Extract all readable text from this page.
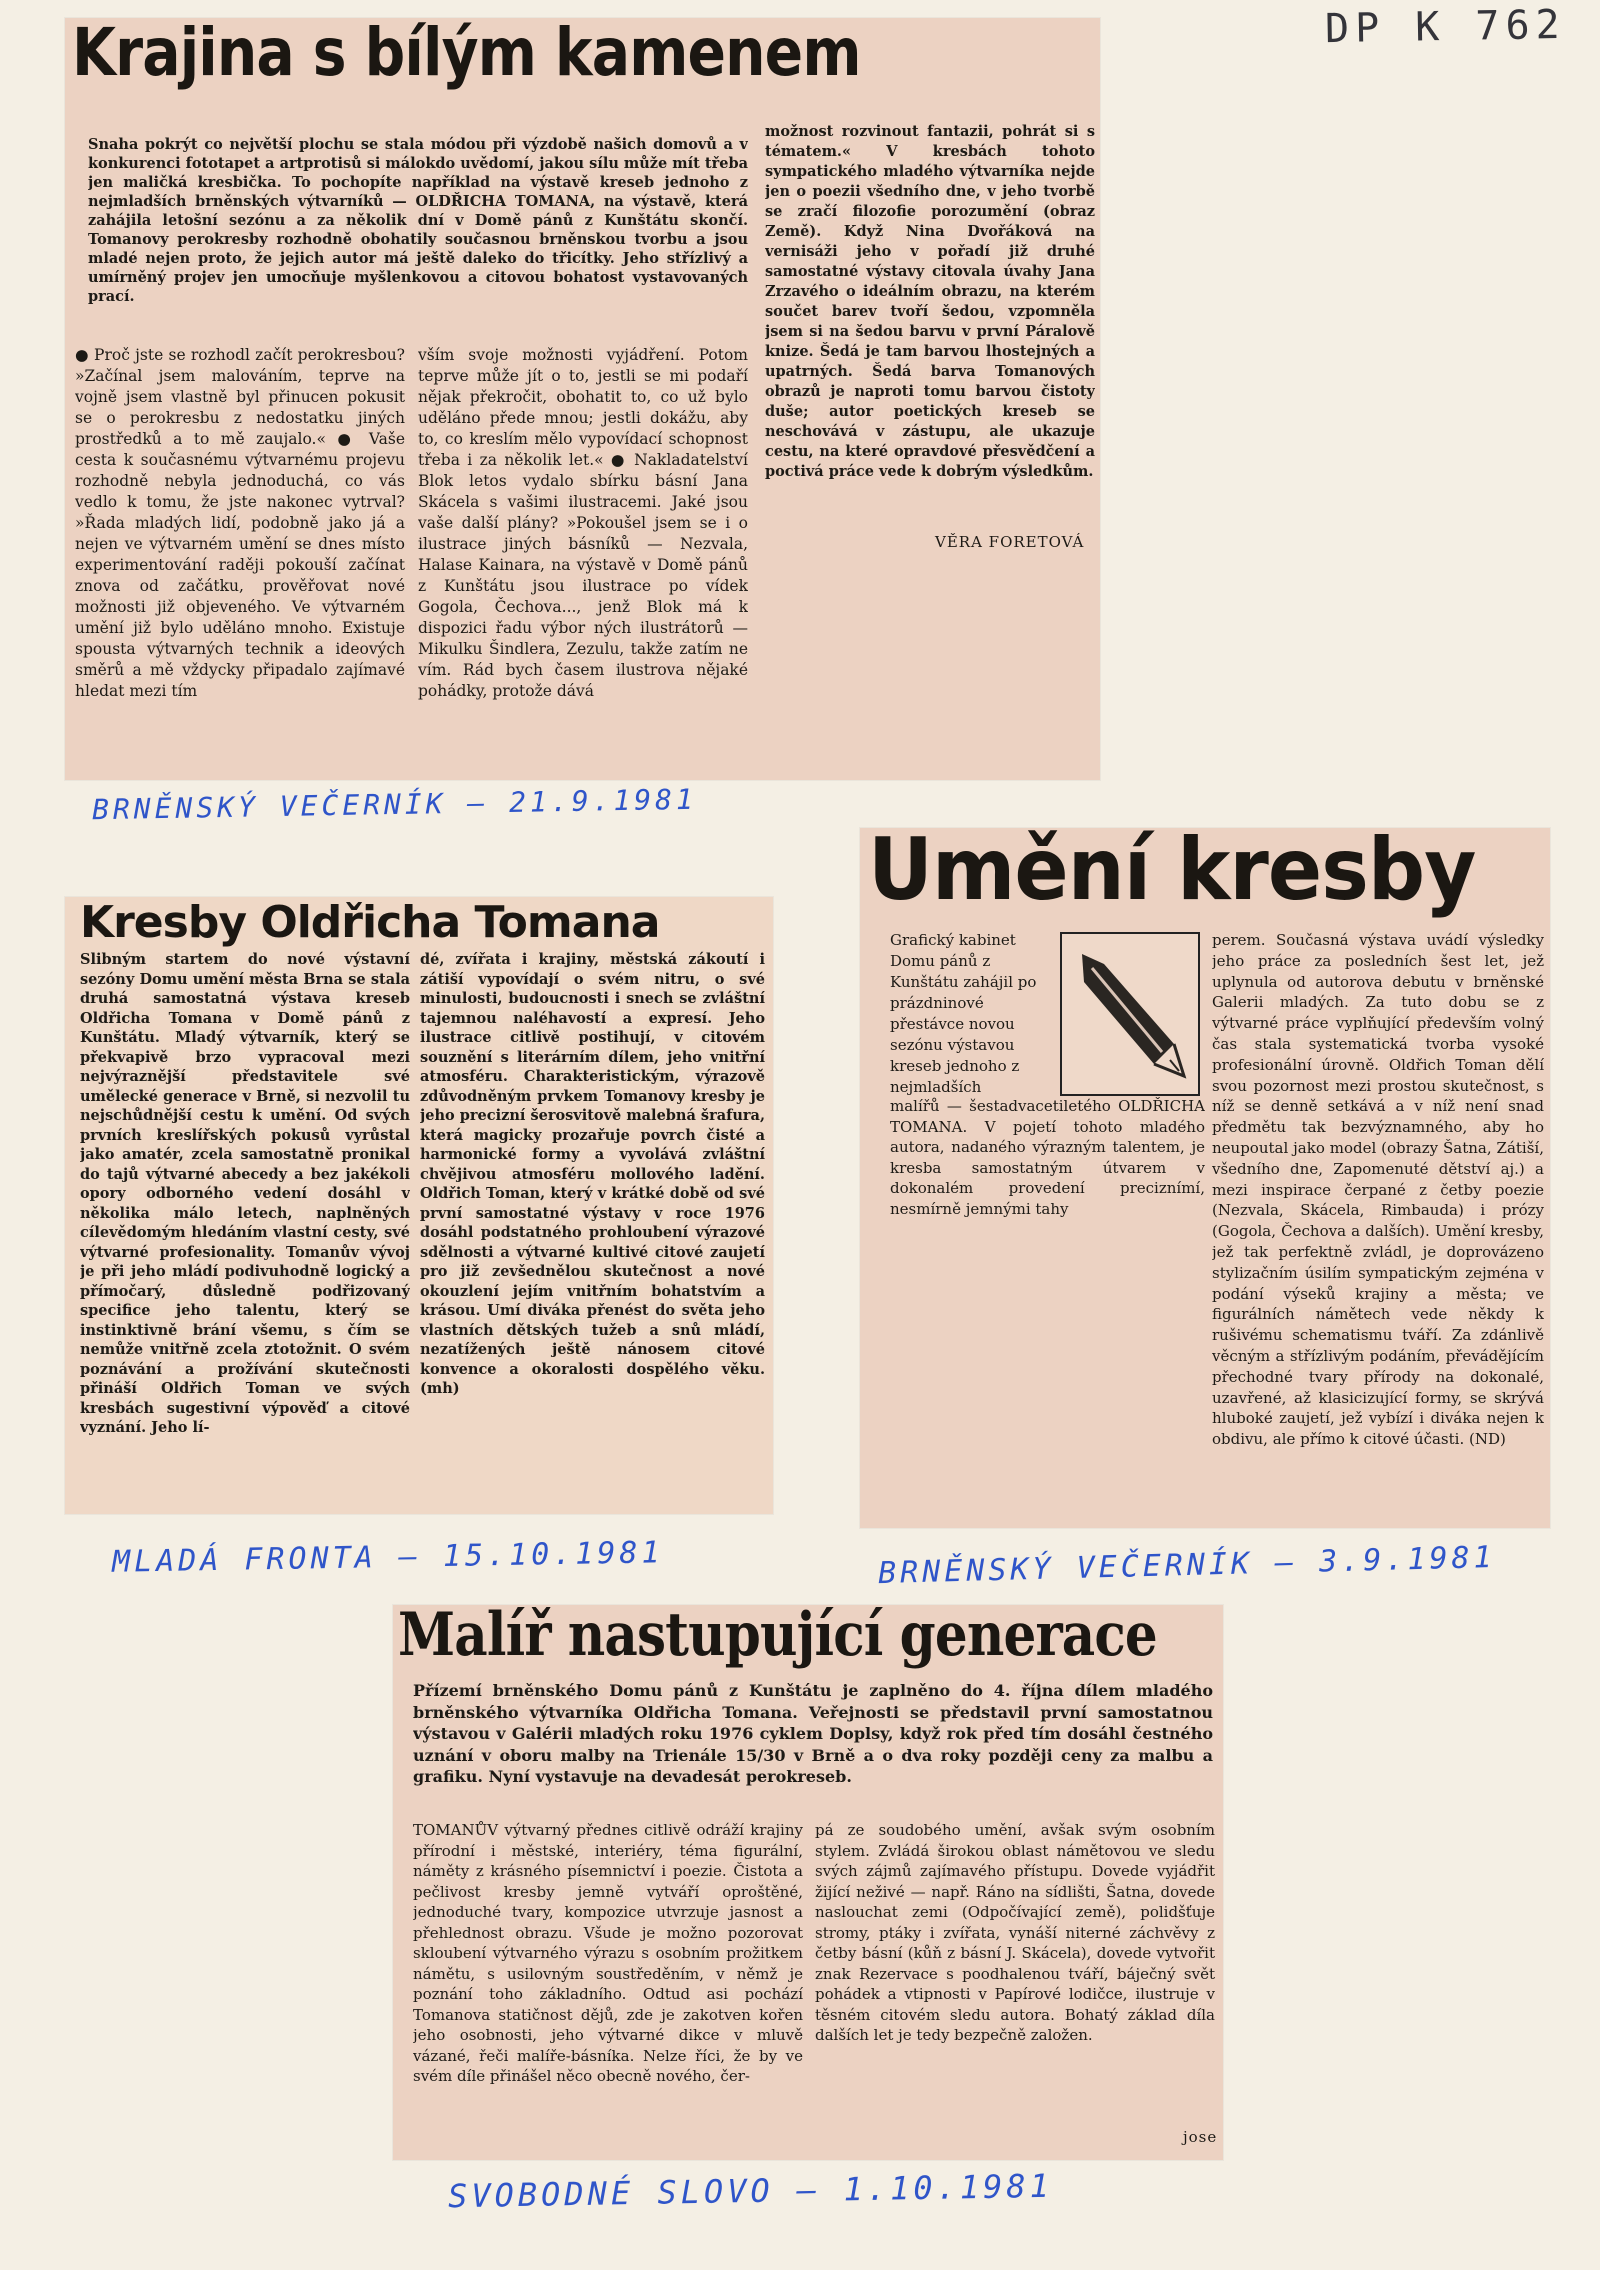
DP K 762
Krajina s bílým kamenem
Snaha pokrýt co největší plochu se stala módou při výzdobě našich domovů a v konkurenci fototapet a artprotisů si málokdo uvědomí, jakou sílu může mít třeba jen maličká kresbička. To pochopíte například na výstavě kreseb jednoho z nejmladších brněnských výtvarníků — OLDŘICHA TOMANA, na výstavě, která zahájila letošní sezónu a za několik dní v Domě pánů z Kunštátu skončí. Tomanovy perokresby rozhodně obohatily současnou brněnskou tvorbu a jsou mladé nejen proto, že jejich autor má ještě daleko do třicítky. Jeho střízlivý a umírněný projev jen umocňuje myšlenkovou a citovou bohatost vystavovaných prací.
možnost rozvinout fantazii, pohrát si s tématem.« V kresbách tohoto sympatického mladého výtvarníka nejde jen o poezii všedního dne, v jeho tvorbě se zračí filozofie porozumění (obraz Země). Když Nina Dvořáková na vernisáži jeho v pořadí již druhé samostatné výstavy citovala úvahy Jana Zrzavého o ideálním obrazu, na kterém součet barev tvoří šedou, vzpomněla jsem si na šedou barvu v první Páralově knize. Šedá je tam barvou lhostejných a upatrných. Šedá barva Tomanových obrazů je naproti tomu barvou čistoty duše; autor poetických kreseb se neschovává v zástupu, ale ukazuje cestu, na které opravdové přesvědčení a poctivá práce vede k dobrým výsledkům.
VĚRA FORETOVÁ
● Proč jste se rozhodl začít perokresbou? »Začínal jsem malováním, teprve na vojně jsem vlastně byl přinucen pokusit se o perokresbu z nedostatku jiných prostředků a to mě zaujalo.« ● Vaše cesta k současnému výtvarnému projevu rozhodně nebyla jednoduchá, co vás vedlo k tomu, že jste nakonec vytrval? »Řada mladých lidí, podobně jako já a nejen ve výtvarném umění se dnes místo experimentování raději pokouší začínat znova od začátku, prověřovat nové možnosti již objeveného. Ve výtvarném umění již bylo uděláno mnoho. Existuje spousta výtvarných technik a ideových směrů a mě vždycky připadalo zajímavé hledat mezi tím
vším svoje možnosti vyjádření. Potom teprve může jít o to, jestli se mi podaří nějak překročit, obohatit to, co už bylo uděláno přede mnou; jestli dokážu, aby to, co kreslím mělo vypovídací schopnost třeba i za několik let.« ● Nakladatelství Blok letos vydalo sbírku básní Jana Skácela s vašimi ilustracemi. Jaké jsou vaše další plány? »Pokoušel jsem se i o ilustrace jiných básníků — Nezvala, Halase Kainara, na výstavě v Domě pánů z Kunštátu jsou ilustrace po vídek Gogola, Čechova..., jenž Blok má k dispozici řadu výbor ných ilustrátorů — Mikulku Šindlera, Zezulu, takže zatím ne vím. Rád bych časem ilustrova nějaké pohádky, protože dává
BRNĚNSKÝ VEČERNÍK – 21.9.1981
Kresby Oldřicha Tomana
Slibným startem do nové výstavní sezóny Domu umění města Brna se stala druhá samostatná výstava kreseb Oldřicha Tomana v Domě pánů z Kunštátu. Mladý výtvarník, který se překvapivě brzo vypracoval mezi nejvýraznější představitele své umělecké generace v Brně, si nezvolil tu nejschůdnější cestu k umění. Od svých prvních kreslířských pokusů vyrůstal jako amatér, zcela samostatně pronikal do tajů výtvarné abecedy a bez jakékoli opory odborného vedení dosáhl v několika málo letech, naplněných cílevědomým hledáním vlastní cesty, své výtvarné profesionality. Tomanův vývoj je při jeho mládí podivuhodně logický a přímočarý, důsledně podřizovaný specifice jeho talentu, který se instinktivně brání všemu, s čím se nemůže vnitřně zcela ztotožnit. O svém poznávání a prožívání skutečnosti přináší Oldřich Toman ve svých kresbách sugestivní výpověď a citové vyznání. Jeho lí-
dé, zvířata i krajiny, městská zákoutí i zátiší vypovídají o svém nitru, o své minulosti, budoucnosti i snech se zvláštní tajemnou naléhavostí a expresí. Jeho ilustrace citlivě postihují, v citovém souznění s literárním dílem, jeho vnitřní atmosféru. Charakteristickým, výrazově zdůvodněným prvkem Tomanovy kresby je jeho precizní šerosvitově malebná šrafura, která magicky prozařuje povrch čisté a harmonické formy a vyvolává zvláštní chvějivou atmosféru mollového ladění. Oldřich Toman, který v krátké době od své první samostatné výstavy v roce 1976 dosáhl podstatného prohloubení výrazové sdělnosti a výtvarné kultivé citové zaujetí pro již zevšednělou skutečnost a nové okouzlení jejím vnitřním bohatstvím a krásou. Umí diváka přenést do světa jeho vlastních dětských tužeb a snů mládí, nezatížených ještě nánosem citové konvence a okoralosti dospělého věku. (mh)
MLADÁ FRONTA – 15.10.1981
Umění kresby
Grafický kabinet Domu pánů z Kunštátu zahájil po prázdninové přestávce novou sezónu výstavou kreseb jednoho z nejmladších
malířů — šestadvacetiletého OLDŘICHA TOMANA. V pojetí tohoto mladého autora, nadaného výrazným talentem, je kresba samostatným útvarem v dokonalém provedení preciznímí, nesmírně jemnými tahy
perem. Současná výstava uvádí výsledky jeho práce za posledních šest let, jež uplynula od autorova debutu v brněnské Galerii mladých. Za tuto dobu se z výtvarné práce vyplňující především volný čas stala systematická tvorba vysoké profesionální úrovně. Oldřich Toman dělí svou pozornost mezi prostou skutečnost, s níž se denně setkává a v níž není snad předmětu tak bezvýznamného, aby ho neupoutal jako model (obrazy Šatna, Zátiší, všedního dne, Zapomenuté dětství aj.) a mezi inspirace čerpané z četby poezie (Nezvala, Skácela, Rimbauda) i prózy (Gogola, Čechova a dalších). Umění kresby, jež tak perfektně zvládl, je doprovázeno stylizačním úsilím sympatickým zejména v podání výseků krajiny a města; ve figurálních námětech vede někdy k rušivému schematismu tváří. Za zdánlivě věcným a střízlivým podáním, převádějícím přechodné tvary přírody na dokonalé, uzavřené, až klasicizující formy, se skrývá hluboké zaujetí, jež vybízí i diváka nejen k obdivu, ale přímo k citové účasti. (ND)
BRNĚNSKÝ VEČERNÍK – 3.9.1981
Malíř nastupující generace
Přízemí brněnského Domu pánů z Kunštátu je zaplněno do 4. října dílem mladého brněnského výtvarníka Oldřicha Tomana. Veřejnosti se představil první samostatnou výstavou v Galérii mladých roku 1976 cyklem Doplsy, když rok před tím dosáhl čestného uznání v oboru malby na Trienále 15/30 v Brně a o dva roky později ceny za malbu a grafiku. Nyní vystavuje na devadesát perokreseb.
TOMANŮV výtvarný přednes citlivě odráží krajiny přírodní i městské, interiéry, téma figurální, náměty z krásného písemnictví i poezie. Čistota a pečlivost kresby jemně vytváří oproštěné, jednoduché tvary, kompozice utvrzuje jasnost a přehlednost obrazu. Všude je možno pozorovat skloubení výtvarného výrazu s osobním prožitkem námětu, s usilovným soustředěním, v němž je poznání toho základního. Odtud asi pochází Tomanova statičnost dějů, zde je zakotven kořen jeho osobnosti, jeho výtvarné dikce v mluvě vázané, řeči malíře-básníka. Nelze říci, že by ve svém díle přinášel něco obecně nového, čer-
pá ze soudobého umění, avšak svým osobním stylem. Zvládá širokou oblast námětovou ve sledu svých zájmů zajímavého přístupu. Dovede vyjádřit žijící neživé — např. Ráno na sídlišti, Šatna, dovede naslouchat zemi (Odpočívající země), polidšťuje stromy, ptáky i zvířata, vynáší niterné záchvěvy z četby básní (kůň z básní J. Skácela), dovede vytvořit znak Rezervace s poodhalenou tváří, báječný svět pohádek a vtipnosti v Papírové lodičce, ilustruje v těsném citovém sledu autora. Bohatý základ díla dalších let je tedy bezpečně založen.
jose
SVOBODNÉ SLOVO – 1.10.1981
